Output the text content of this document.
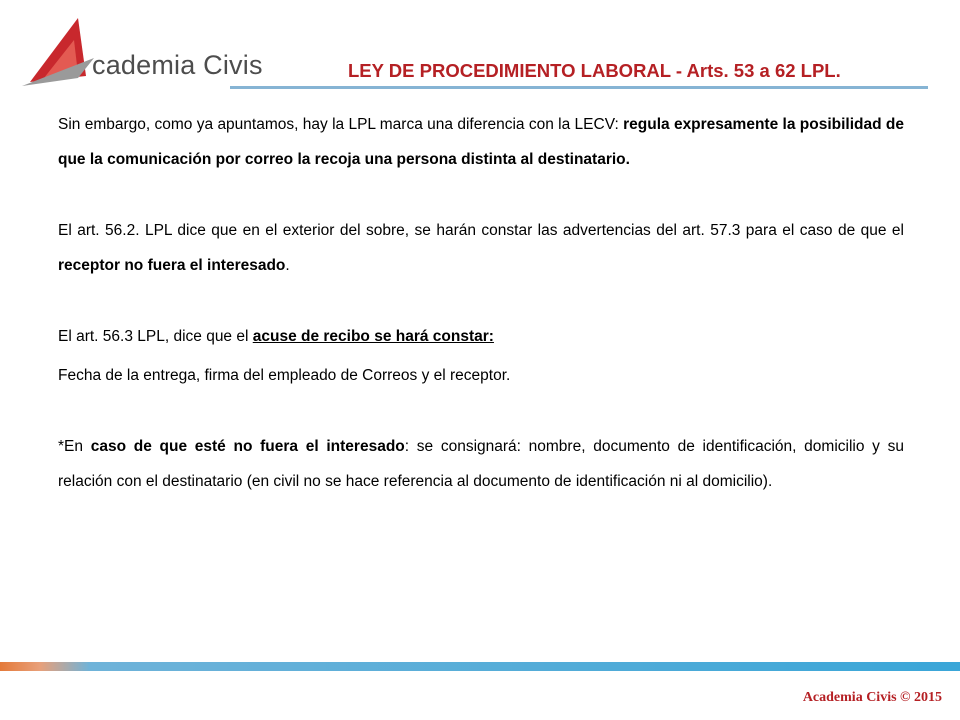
cademia Civis	LEY DE PROCEDIMIENTO LABORAL - Arts. 53 a 62 LPL.

Sin embargo, como ya apuntamos, hay la LPL marca una diferencia con la LECV: regula expresamente la posibilidad de que la comunicación por correo la recoja una persona distinta al destinatario.

El art. 56.2. LPL dice que en el exterior del sobre, se harán constar las advertencias del art. 57.3 para el caso de que el receptor no fuera el interesado.

El art. 56.3 LPL, dice que el acuse de recibo se hará constar:

Fecha de la entrega, firma del empleado de Correos y el receptor.

*En caso de que esté no fuera el interesado: se consignará: nombre, documento de identificación, domicilio y su relación con el destinatario (en civil no se hace referencia al documento de identificación ni al domicilio).

Academia Civis © 2015
